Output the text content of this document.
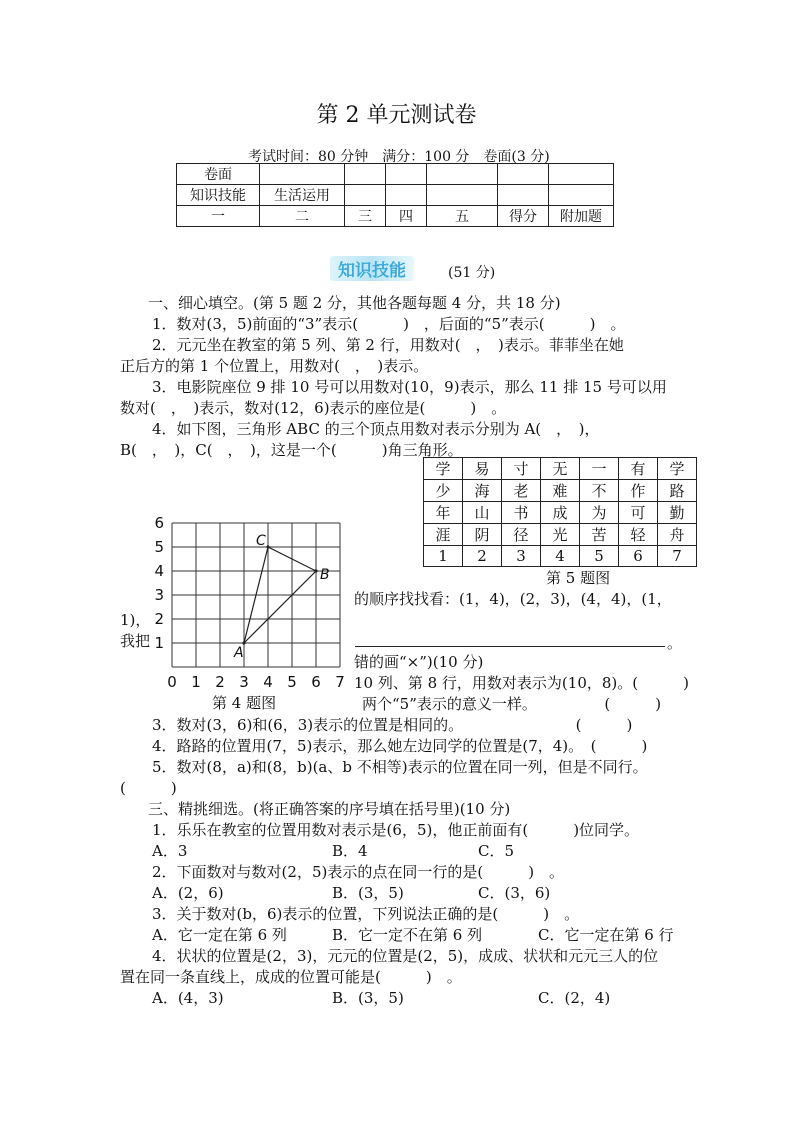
第 2 单元测试卷
考试时间：80 分钟　满分：100 分　卷面(3 分)
卷面						
知识技能	生活运用					
一	二	三	四	五	得分	附加题
知识技能	(51 分)
一、细心填空。(第 5 题 2 分，其他各题每题 4 分，共 18 分)
1．数对(3，5)前面的“3”表示(　　　)　，后面的“5”表示(　　　)　。
2．元元坐在教室的第 5 列、第 2 行，用数对(　，　)表示。菲菲坐在她
正后方的第 1 个位置上，用数对(　，　)表示。
3．电影院座位 9 排 10 号可以用数对(10，9)表示，那么 11 排 15 号可以用
数对(　，　)表示，数对(12，6)表示的座位是(　　　)　。
4．如下图，三角形 ABC 的三个顶点用数对表示分别为 A(　，　)，
B(　，　)，C(　，　)，这是一个(　　　)角三角形。
学	易	寸	无	一	有	学
少	海	老	难	不	作	路
年	山	书	成	为	可	勤
涯	阴	径	光	苦	轻	舟
1	2	3	4	5	6	7
第 5 题图
0 1 2 3 4 5 6 7
1
2
3
4
5
6
A
B
C
第 4 题图
的顺序找找看：(1，4)，(2，3)，(4，4)，(1，
1)，
我把	。
错的画“×”)(10 分)
10 列、第 8 行，用数对表示为(10，8)。(　　　)
两个“5”表示的意义一样。　　　　　(　　　)
3．数对(3，6)和(6，3)表示的位置是相同的。　　　　　　　　(　　　)
4．路路的位置用(7，5)表示，那么她左边同学的位置是(7，4)。　(　　　)
5．数对(8，a)和(8，b)(a、b 不相等)表示的位置在同一列，但是不同行。
(　　　)
三、精挑细选。(将正确答案的序号填在括号里)(10 分)
1．乐乐在教室的位置用数对表示是(6，5)，他正前面有(　　　)位同学。
A．3	B．4	C．5
2．下面数对与数对(2，5)表示的点在同一行的是(　　　)　。
A．(2，6)	B．(3，5)	C．(3，6)
3．关于数对(b，6)表示的位置，下列说法正确的是(　　　)　。
A．它一定在第 6 列	B．它一定不在第 6 列	C．它一定在第 6 行
4．状状的位置是(2，3)，元元的位置是(2，5)，成成、状状和元元三人的位
置在同一条直线上，成成的位置可能是(　　　)　。
A．(4，3)	B．(3，5)	C．(2，4)
